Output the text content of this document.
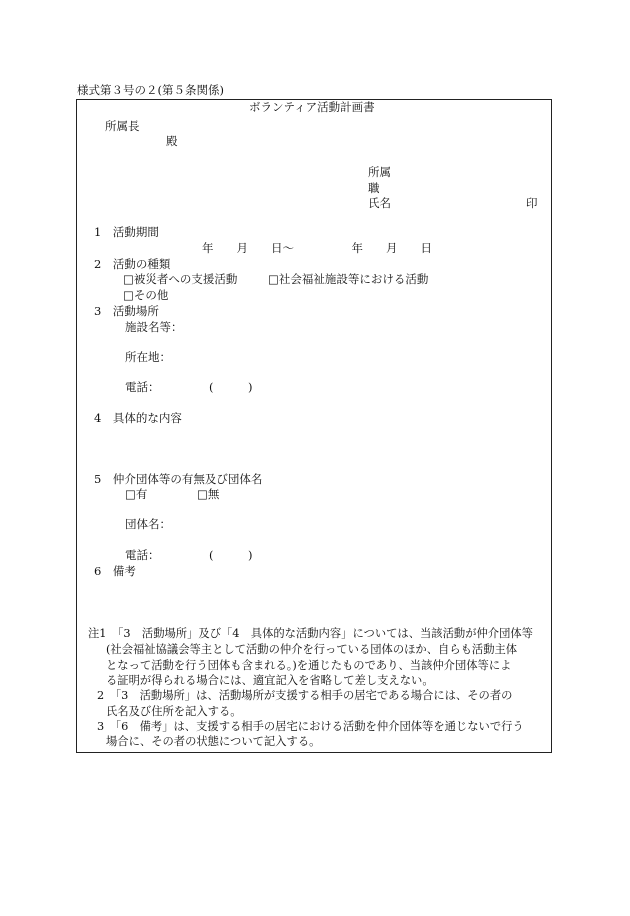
様式第３号の２(第５条関係)
ボランティア活動計画書
所属長
殿
所属
職
氏名	印
1　活動期間
年　　月　　日～　　　　　年　　月　　日
2　活動の種類
□被災者への支援活動	□社会福祉施設等における活動
□その他
3　活動場所
施設名等：
所在地：
電話：	(　　　)
4　具体的な内容
5　仲介団体等の有無及び団体名
□有	□無
団体名：
電話：	(　　　)
6　備考
注1　「3　活動場所」及び「4　具体的な活動内容」については、当該活動が仲介団体等
(社会福祉協議会等主として活動の仲介を行っている団体のほか、自らも活動主体
となって活動を行う団体も含まれる。)を通じたものであり、当該仲介団体等によ
る証明が得られる場合には、適宜記入を省略して差し支えない。
2　「3　活動場所」は、活動場所が支援する相手の居宅である場合には、その者の
氏名及び住所を記入する。
3　「6　備考」は、支援する相手の居宅における活動を仲介団体等を通じないで行う
場合に、その者の状態について記入する。
